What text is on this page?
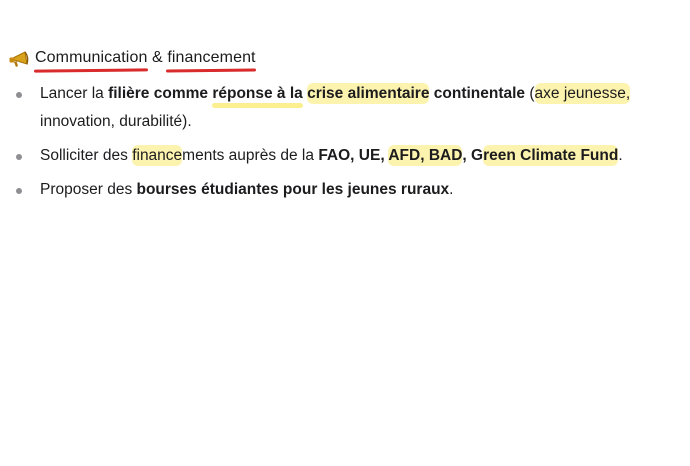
Communication & financement
Lancer la filière comme réponse à la crise alimentaire continentale (axe jeunesse,
innovation, durabilité).
Solliciter des financements auprès de la FAO, UE, AFD, BAD, Green Climate Fund.
Proposer des bourses étudiantes pour les jeunes ruraux.
